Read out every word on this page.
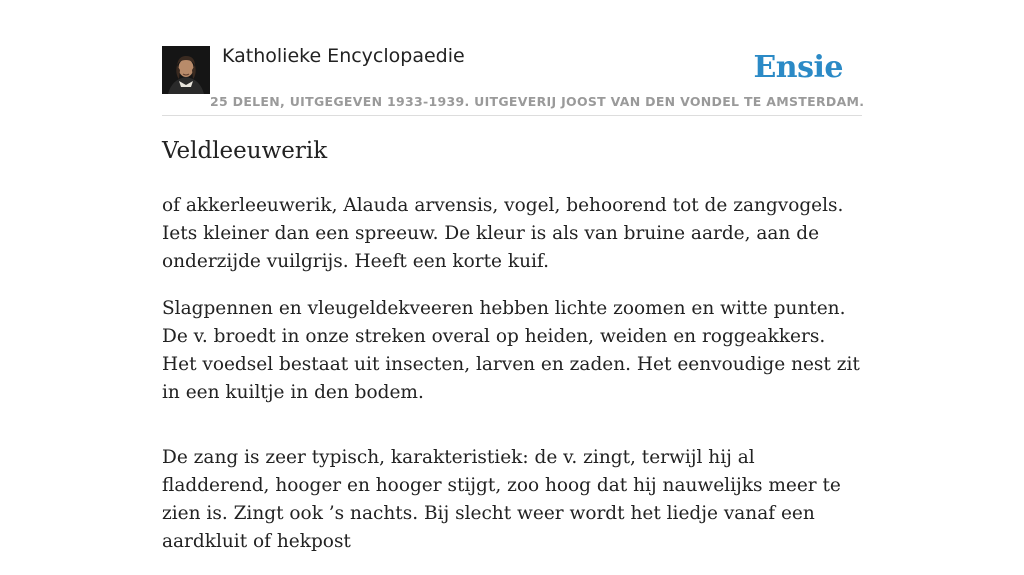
Katholieke Encyclopaedie	Ensie
25 DELEN, UITGEGEVEN 1933-1939. UITGEVERIJ JOOST VAN DEN VONDEL TE AMSTERDAM.
Veldleeuwerik

of akkerleeuwerik, Alauda arvensis, vogel, behoorend tot de zangvogels. Iets kleiner dan een spreeuw. De kleur is als van bruine aarde, aan de onderzijde vuilgrijs. Heeft een korte kuif.

Slagpennen en vleugeldekveeren hebben lichte zoomen en witte punten. De v. broedt in onze streken overal op heiden, weiden en roggeakkers. Het voedsel bestaat uit insecten, larven en zaden. Het eenvoudige nest zit in een kuiltje in den bodem.

De zang is zeer typisch, karakteristiek: de v. zingt, terwijl hij al fladderend, hooger en hooger stijgt, zoo hoog dat hij nauwelijks meer te zien is. Zingt ook ’s nachts. Bij slecht weer wordt het liedje vanaf een aardkluit of hekpost
